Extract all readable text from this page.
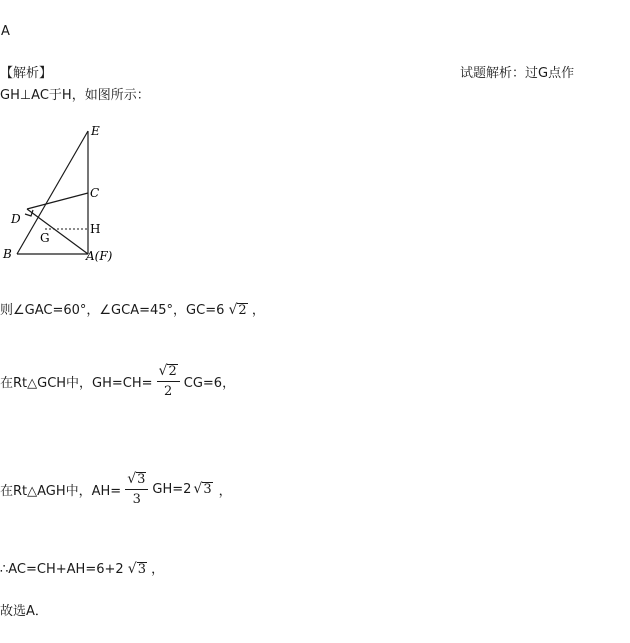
A
【解析】	试题解析：过G点作
GH⊥AC于H，如图所示：
E
C
D
H
G
B	A(F)
则∠GAC=60°，∠GCA=45°，GC=6 √ 2 ，
在Rt△GCH中，$GH=CH= \frac{√ 2}{2} CG=6$，
在Rt△AGH中，$AH= \frac{√ 3}{3} GH=2$ √ 3 ，
∴AC=CH+AH=6+2 √ 3 ，
故选A．
